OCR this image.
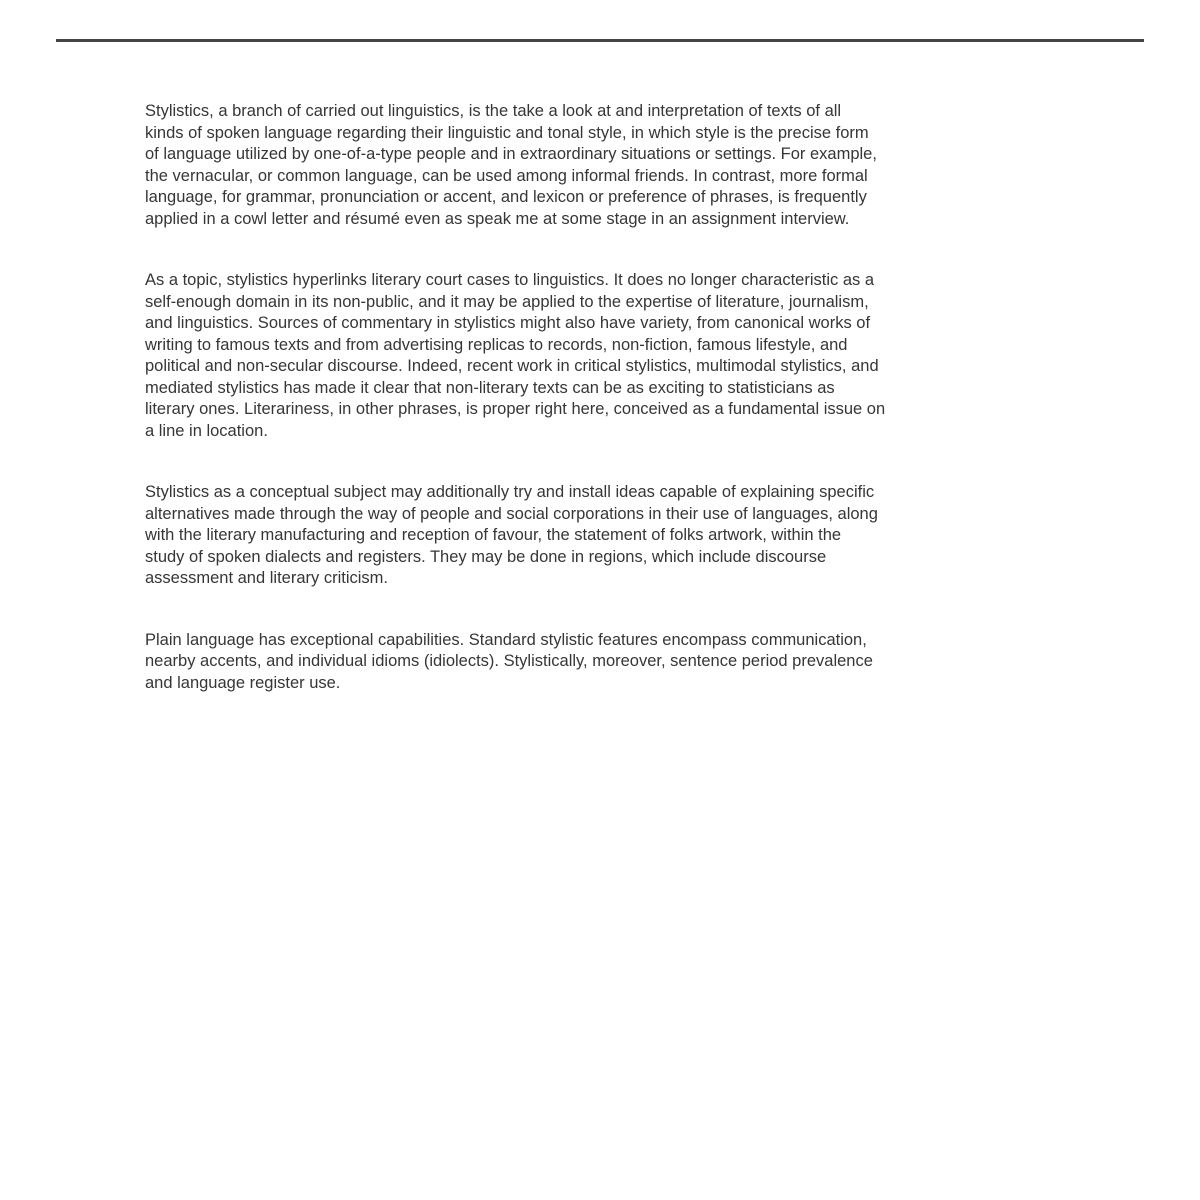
Stylistics, a branch of carried out linguistics, is the take a look at and interpretation of texts of all
kinds of spoken language regarding their linguistic and tonal style, in which style is the precise form
of language utilized by one-of-a-type people and in extraordinary situations or settings. For example,
the vernacular, or common language, can be used among informal friends. In contrast, more formal
language, for grammar, pronunciation or accent, and lexicon or preference of phrases, is frequently
applied in a cowl letter and résumé even as speak me at some stage in an assignment interview.
As a topic, stylistics hyperlinks literary court cases to linguistics. It does no longer characteristic as a
self-enough domain in its non-public, and it may be applied to the expertise of literature, journalism,
and linguistics. Sources of commentary in stylistics might also have variety, from canonical works of
writing to famous texts and from advertising replicas to records, non-fiction, famous lifestyle, and
political and non-secular discourse. Indeed, recent work in critical stylistics, multimodal stylistics, and
mediated stylistics has made it clear that non-literary texts can be as exciting to statisticians as
literary ones. Literariness, in other phrases, is proper right here, conceived as a fundamental issue on
a line in location.
Stylistics as a conceptual subject may additionally try and install ideas capable of explaining specific
alternatives made through the way of people and social corporations in their use of languages, along
with the literary manufacturing and reception of favour, the statement of folks artwork, within the
study of spoken dialects and registers. They may be done in regions, which include discourse
assessment and literary criticism.
Plain language has exceptional capabilities. Standard stylistic features encompass communication,
nearby accents, and individual idioms (idiolects). Stylistically, moreover, sentence period prevalence
and language register use.
